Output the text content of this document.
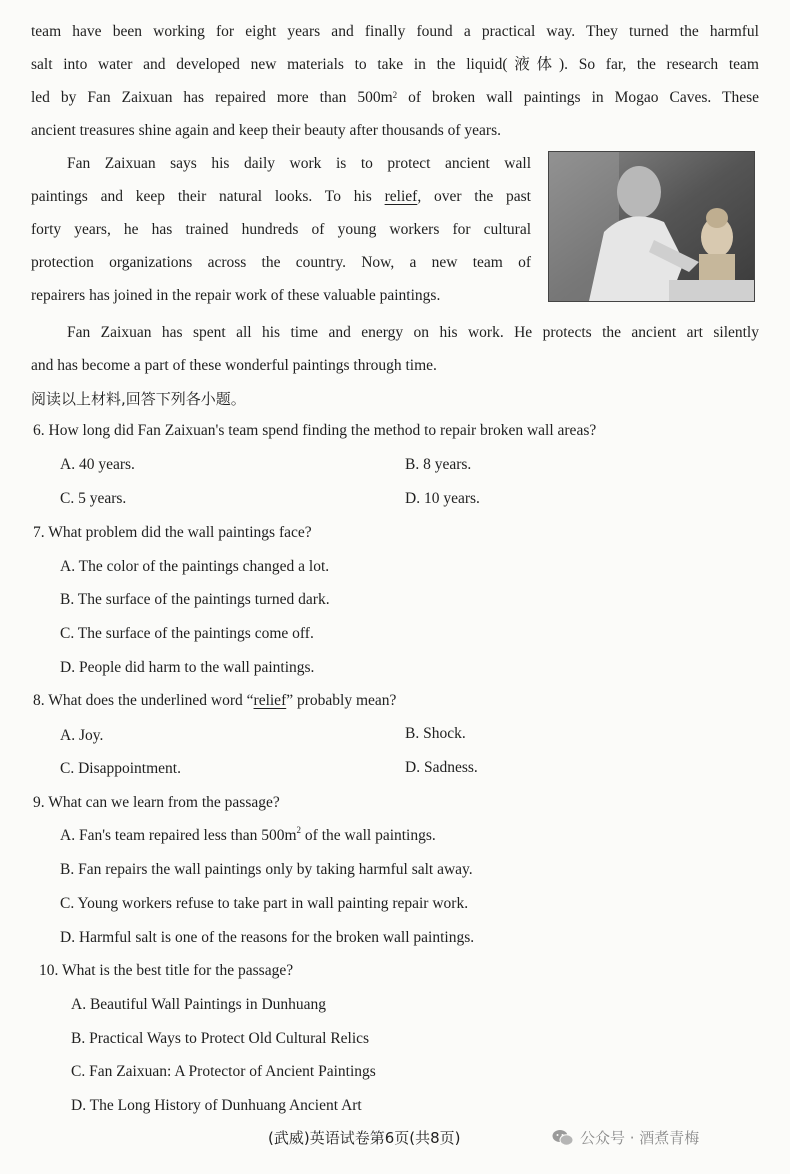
team have been working for eight years and finally found a practical way. They turned the harmful
salt into water and developed new materials to take in the liquid(液体). So far, the research team
led by Fan Zaixuan has repaired more than $500m^2$ of broken wall paintings in Mogao Caves. These
ancient treasures shine again and keep their beauty after thousands of years.
Fan Zaixuan says his daily work is to protect ancient wall
paintings and keep their natural looks. To his relief, over the past
forty years, he has trained hundreds of young workers for cultural
protection organizations across the country. Now, a new team of
repairers has joined in the repair work of these valuable paintings.
Fan Zaixuan has spent all his time and energy on his work. He protects the ancient art silently
and has become a part of these wonderful paintings through time.
阅读以上材料,回答下列各小题。
6. How long did Fan Zaixuan's team spend finding the method to repair broken wall areas?
A. 40 years.	B. 8 years.
C. 5 years.	D. 10 years.
7. What problem did the wall paintings face?
A. The color of the paintings changed a lot.
B. The surface of the paintings turned dark.
C. The surface of the paintings come off.
D. People did harm to the wall paintings.
8. What does the underlined word “relief” probably mean?
A. Joy.	B. Shock.
C. Disappointment.	D. Sadness.
9. What can we learn from the passage?
A. Fan's team repaired less than $500m^2$ of the wall paintings.
B. Fan repairs the wall paintings only by taking harmful salt away.
C. Young workers refuse to take part in wall painting repair work.
D. Harmful salt is one of the reasons for the broken wall paintings.
10. What is the best title for the passage?
A. Beautiful Wall Paintings in Dunhuang
B. Practical Ways to Protect Old Cultural Relics
C. Fan Zaixuan: A Protector of Ancient Paintings
D. The Long History of Dunhuang Ancient Art
(武威)英语试卷第6页(共8页)	公众号 · 酒煮青梅
